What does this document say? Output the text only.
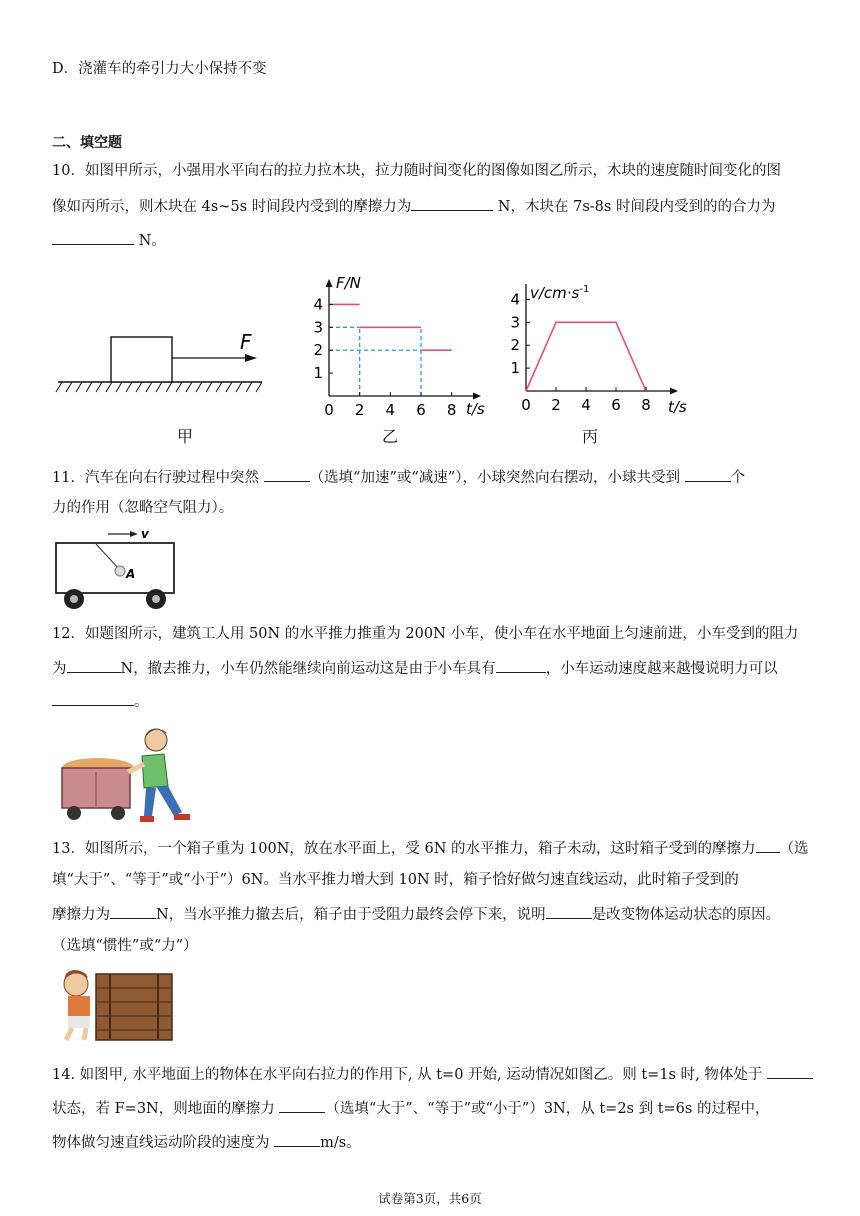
D．浇灌车的牵引力大小保持不变
二、填空题
10．如图甲所示，小强用水平向右的拉力拉木块，拉力随时间变化的图像如图乙所示，木块的速度随时间变化的图
像如丙所示，则木块在 4s~5s 时间段内受到的摩擦力为	N，木块在 7s-8s 时间段内受到的的合力为
N。
F
甲
F/N
t/s
1
2
3
4
0 2 4 6 8
乙
$v/cm\cdot s^{-1}$
t/s
1
2
3
4
0 2 4 6 8
丙
11．汽车在向右行驶过程中突然	（选填“加速”或“减速”），小球突然向右摆动，小球共受到	个
力的作用（忽略空气阻力）。
v
A
12．如题图所示，建筑工人用 50N 的水平推力推重为 200N 小车，使小车在水平地面上匀速前进，小车受到的阻力
为	N，撤去推力，小车仍然能继续向前运动这是由于小车具有	，小车运动速度越来越慢说明力可以
。
13．如图所示，一个箱子重为 100N，放在水平面上，受 6N 的水平推力，箱子未动，这时箱子受到的摩擦力 （选
填“大于”、“等于”或“小于”）6N。当水平推力增大到 10N 时，箱子恰好做匀速直线运动，此时箱子受到的
摩擦力为	N，当水平推力撤去后，箱子由于受阻力最终会停下来，说明	是改变物体运动状态的原因。
（选填“惯性”或“力”）
14. 如图甲, 水平地面上的物体在水平向右拉力的作用下, 从 t=0 开始, 运动情况如图乙。则 t=1s 时, 物体处于
状态，若 F=3N，则地面的摩擦力	（选填“大于”、“等于”或“小于”）3N，从 t=2s 到 t=6s 的过程中，
物体做匀速直线运动阶段的速度为	m/s。
试卷第3页，共6页
